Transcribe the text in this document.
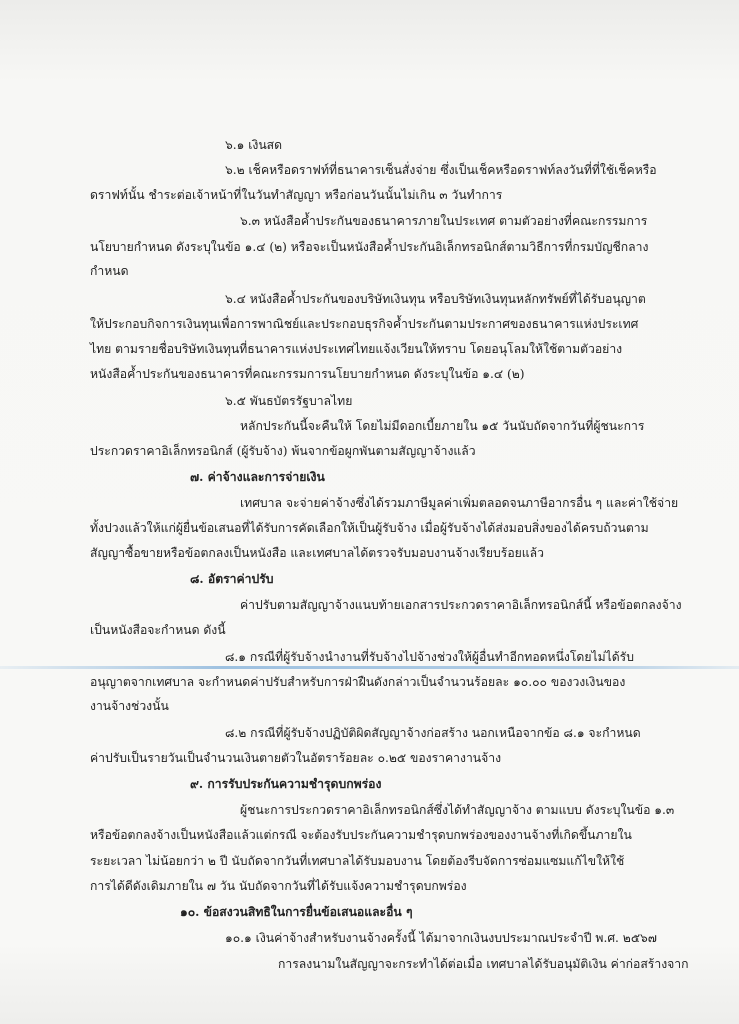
๖.๑ เงินสด
๖.๒ เช็คหรือดราฟท์ที่ธนาคารเซ็นสั่งจ่าย ซึ่งเป็นเช็คหรือดราฟท์ลงวันที่ที่ใช้เช็คหรือ
ดราฟท์นั้น ชำระต่อเจ้าหน้าที่ในวันทำสัญญา หรือก่อนวันนั้นไม่เกิน ๓ วันทำการ
๖.๓ หนังสือค้ำประกันของธนาคารภายในประเทศ ตามตัวอย่างที่คณะกรรมการ
นโยบายกำหนด ดังระบุในข้อ ๑.๔ (๒) หรือจะเป็นหนังสือค้ำประกันอิเล็กทรอนิกส์ตามวิธีการที่กรมบัญชีกลาง
กำหนด
๖.๔ หนังสือค้ำประกันของบริษัทเงินทุน หรือบริษัทเงินทุนหลักทรัพย์ที่ได้รับอนุญาต
ให้ประกอบกิจการเงินทุนเพื่อการพาณิชย์และประกอบธุรกิจค้ำประกันตามประกาศของธนาคารแห่งประเทศ
ไทย ตามรายชื่อบริษัทเงินทุนที่ธนาคารแห่งประเทศไทยแจ้งเวียนให้ทราบ โดยอนุโลมให้ใช้ตามตัวอย่าง
หนังสือค้ำประกันของธนาคารที่คณะกรรมการนโยบายกำหนด ดังระบุในข้อ ๑.๔ (๒)
๖.๕ พันธบัตรรัฐบาลไทย
หลักประกันนี้จะคืนให้ โดยไม่มีดอกเบี้ยภายใน ๑๕ วันนับถัดจากวันที่ผู้ชนะการ
ประกวดราคาอิเล็กทรอนิกส์ (ผู้รับจ้าง) พ้นจากข้อผูกพันตามสัญญาจ้างแล้ว
๗. ค่าจ้างและการจ่ายเงิน
เทศบาล จะจ่ายค่าจ้างซึ่งได้รวมภาษีมูลค่าเพิ่มตลอดจนภาษีอากรอื่น ๆ และค่าใช้จ่าย
ทั้งปวงแล้วให้แก่ผู้ยื่นข้อเสนอที่ได้รับการคัดเลือกให้เป็นผู้รับจ้าง เมื่อผู้รับจ้างได้ส่งมอบสิ่งของได้ครบถ้วนตาม
สัญญาซื้อขายหรือข้อตกลงเป็นหนังสือ และเทศบาลได้ตรวจรับมอบงานจ้างเรียบร้อยแล้ว
๘. อัตราค่าปรับ
ค่าปรับตามสัญญาจ้างแนบท้ายเอกสารประกวดราคาอิเล็กทรอนิกส์นี้ หรือข้อตกลงจ้าง
เป็นหนังสือจะกำหนด ดังนี้
๘.๑ กรณีที่ผู้รับจ้างนำงานที่รับจ้างไปจ้างช่วงให้ผู้อื่นทำอีกทอดหนึ่งโดยไม่ได้รับ
อนุญาตจากเทศบาล จะกำหนดค่าปรับสำหรับการฝ่าฝืนดังกล่าวเป็นจำนวนร้อยละ ๑๐.๐๐ ของวงเงินของ
งานจ้างช่วงนั้น
๘.๒ กรณีที่ผู้รับจ้างปฏิบัติผิดสัญญาจ้างก่อสร้าง นอกเหนือจากข้อ ๘.๑ จะกำหนด
ค่าปรับเป็นรายวันเป็นจำนวนเงินตายตัวในอัตราร้อยละ ๐.๒๕ ของราคางานจ้าง
๙. การรับประกันความชำรุดบกพร่อง
ผู้ชนะการประกวดราคาอิเล็กทรอนิกส์ซึ่งได้ทำสัญญาจ้าง ตามแบบ ดังระบุในข้อ ๑.๓
หรือข้อตกลงจ้างเป็นหนังสือแล้วแต่กรณี จะต้องรับประกันความชำรุดบกพร่องของงานจ้างที่เกิดขึ้นภายใน
ระยะเวลา ไม่น้อยกว่า ๒ ปี นับถัดจากวันที่เทศบาลได้รับมอบงาน โดยต้องรีบจัดการซ่อมแซมแก้ไขให้ใช้
การได้ดีดังเดิมภายใน ๗ วัน นับถัดจากวันที่ได้รับแจ้งความชำรุดบกพร่อง
๑๐. ข้อสงวนสิทธิในการยื่นข้อเสนอและอื่น ๆ
๑๐.๑ เงินค่าจ้างสำหรับงานจ้างครั้งนี้ ได้มาจากเงินงบประมาณประจำปี พ.ศ. ๒๕๖๗
การลงนามในสัญญาจะกระทำได้ต่อเมื่อ เทศบาลได้รับอนุมัติเงิน ค่าก่อสร้างจาก
